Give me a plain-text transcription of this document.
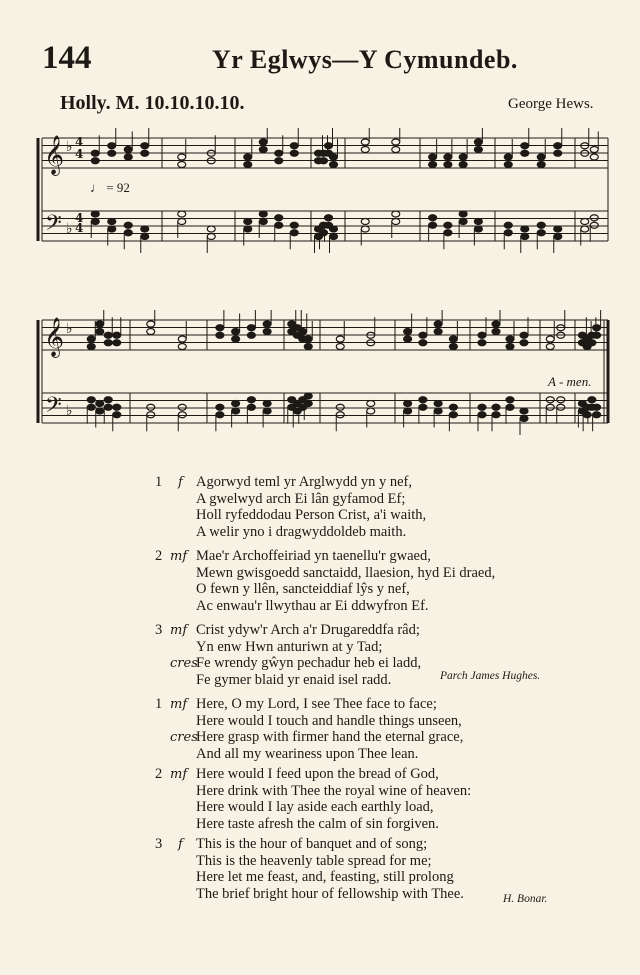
144	Yr Eglwys—Y Cymundeb.
Holly. M. 10.10.10.10.	George Hews.
♩ = 92
A - men.
4
4
4
4
𝄞
𝄢
♭
♭
𝄞
𝄢
♭
♭
1 f Agorwyd teml yr Arglwydd yn y nef,
A gwelwyd arch Ei lân gyfamod Ef;
Holl ryfeddodau Person Crist, a'i waith,
A welir yno i dragwyddoldeb maith.
2 mf Mae'r Archoffeiriad yn taenellu'r gwaed,
Mewn gwisgoedd sanctaidd, llaesion, hyd Ei draed,
O fewn y llên, sancteiddiaf lŷs y nef,
Ac enwau'r llwythau ar Ei ddwyfron Ef.
3 mf Crist ydyw'r Arch a'r Drugareddfa râd;
Yn enw Hwn anturiwn at y Tad;
cres
Fe wrendy gŵyn pechadur heb ei ladd,
Fe gymer blaid yr enaid isel radd.	Parch James Hughes.
1 mf Here, O my Lord, I see Thee face to face;
Here would I touch and handle things unseen,
cres
Here grasp with firmer hand the eternal grace,
And all my weariness upon Thee lean.
2 mf Here would I feed upon the bread of God,
Here drink with Thee the royal wine of heaven:
Here would I lay aside each earthly load,
Here taste afresh the calm of sin forgiven.
3 f This is the hour of banquet and of song;
This is the heavenly table spread for me;
Here let me feast, and, feasting, still prolong
The brief bright hour of fellowship with Thee.	H. Bonar.
